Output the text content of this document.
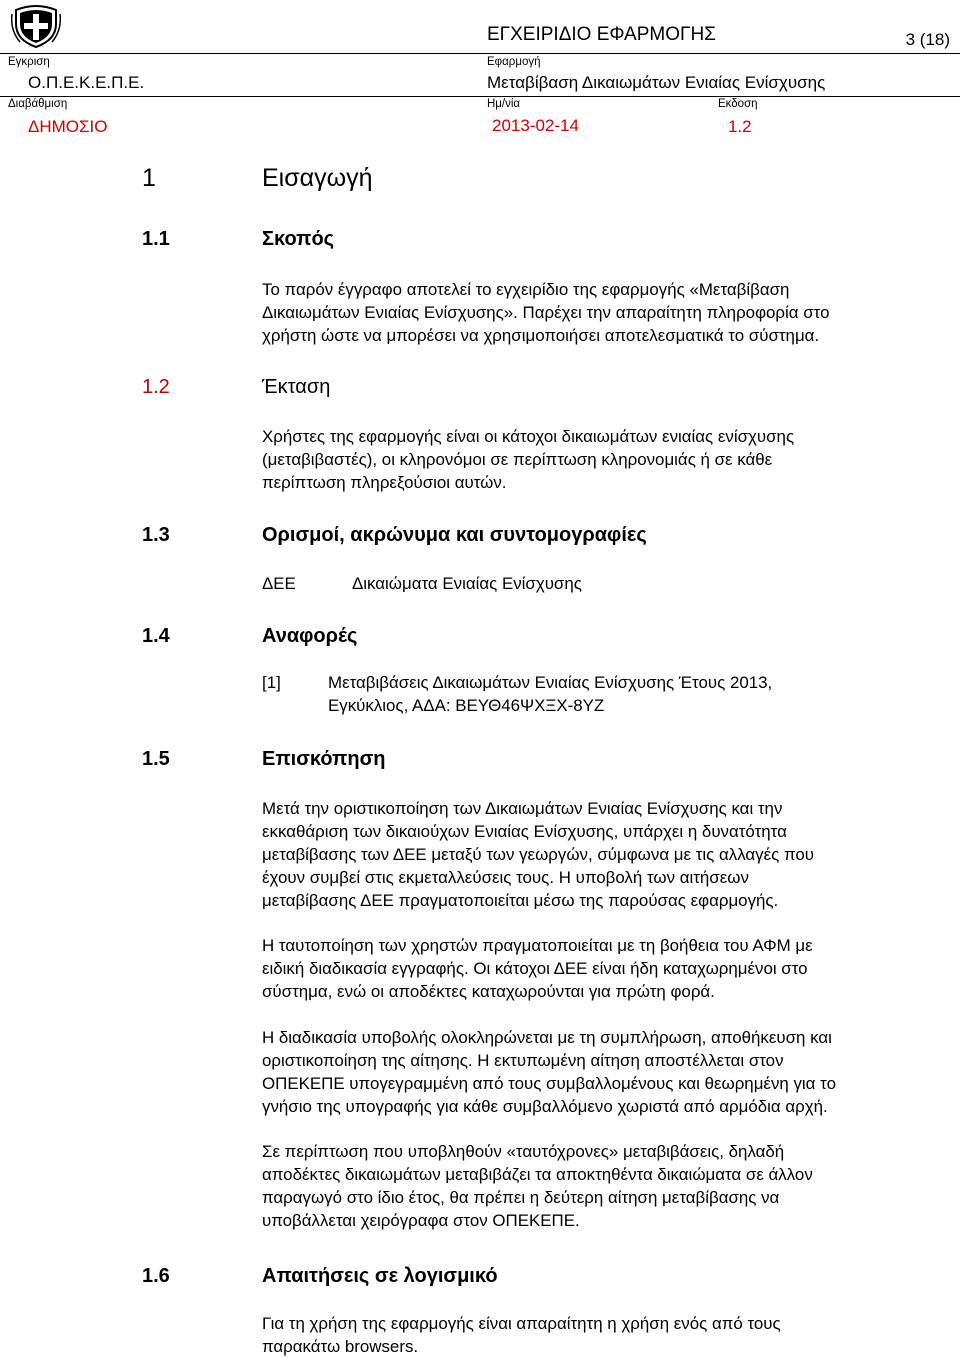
ΕΓΧΕΙΡΙΔΙΟ ΕΦΑΡΜΟΓΗΣ	3 (18)
Εγκριση
Ο.Π.Ε.Κ.Ε.Π.Ε.
Εφαρμογή
Μεταβίβαση Δικαιωμάτων Ενιαίας Ενίσχυσης
Διαβάθμιση
ΔΗΜΟΣΙΟ
Ημ/νία
2013-02-14
Εκδοση
1.2
1	Εισαγωγή
1.1	Σκοπός
Το παρόν έγγραφο αποτελεί το εγχειρίδιο της εφαρμογής «Μεταβίβαση
Δικαιωμάτων Ενιαίας Ενίσχυσης». Παρέχει την απαραίτητη πληροφορία στο
χρήστη ώστε να μπορέσει να χρησιμοποιήσει αποτελεσματικά το σύστημα.
1.2	Έκταση
Χρήστες της εφαρμογής είναι οι κάτοχοι δικαιωμάτων ενιαίας ενίσχυσης
(μεταβιβαστές), οι κληρονόμοι σε περίπτωση κληρονομιάς ή σε κάθε
περίπτωση πληρεξούσιοι αυτών.
1.3	Ορισμοί, ακρώνυμα και συντομογραφίες
ΔΕΕ	Δικαιώματα Ενιαίας Ενίσχυσης
1.4	Αναφορές
[1]	Μεταβιβάσεις Δικαιωμάτων Ενιαίας Ενίσχυσης Έτους 2013,
Εγκύκλιος, ΑΔΑ: ΒΕΥΘ46ΨΧΞΧ-8ΥΖ
1.5	Επισκόπηση
Μετά την οριστικοποίηση των Δικαιωμάτων Ενιαίας Ενίσχυσης και την
εκκαθάριση των δικαιούχων Ενιαίας Ενίσχυσης, υπάρχει η δυνατότητα
μεταβίβασης των ΔΕΕ μεταξύ των γεωργών, σύμφωνα με τις αλλαγές που
έχουν συμβεί στις εκμεταλλεύσεις τους. Η υποβολή των αιτήσεων
μεταβίβασης ΔΕΕ πραγματοποιείται μέσω της παρούσας εφαρμογής.
Η ταυτοποίηση των χρηστών πραγματοποιείται με τη βοήθεια του ΑΦΜ με
ειδική διαδικασία εγγραφής. Οι κάτοχοι ΔΕΕ είναι ήδη καταχωρημένοι στο
σύστημα, ενώ οι αποδέκτες καταχωρούνται για πρώτη φορά.
Η διαδικασία υποβολής ολοκληρώνεται με τη συμπλήρωση, αποθήκευση και
οριστικοποίηση της αίτησης. Η εκτυπωμένη αίτηση αποστέλλεται στον
ΟΠΕΚΕΠΕ υπογεγραμμένη από τους συμβαλλομένους και θεωρημένη για το
γνήσιο της υπογραφής για κάθε συμβαλλόμενο χωριστά από αρμόδια αρχή.
Σε περίπτωση που υποβληθούν «ταυτόχρονες» μεταβιβάσεις, δηλαδή
αποδέκτες δικαιωμάτων μεταβιβάζει τα αποκτηθέντα δικαιώματα σε άλλον
παραγωγό στο ίδιο έτος, θα πρέπει η δεύτερη αίτηση μεταβίβασης να
υποβάλλεται χειρόγραφα στον ΟΠΕΚΕΠΕ.
1.6	Απαιτήσεις σε λογισμικό
Για τη χρήση της εφαρμογής είναι απαραίτητη η χρήση ενός από τους
παρακάτω browsers.
